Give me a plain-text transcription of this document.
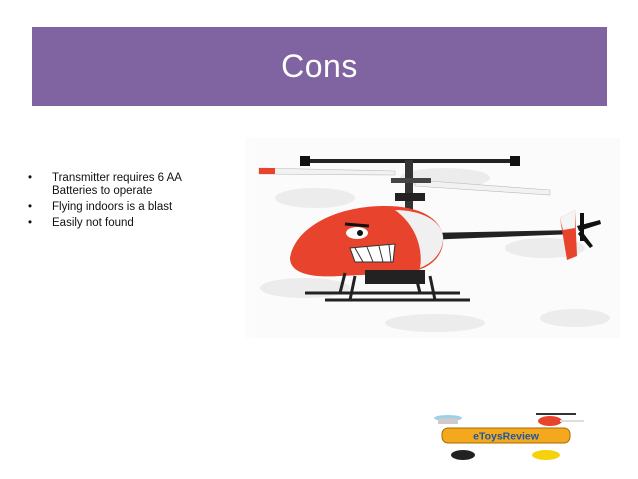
Cons
•	Transmitter requires 6 AA Batteries to operate
•	Flying indoors is a blast
•	Easily not found
eToysReview
